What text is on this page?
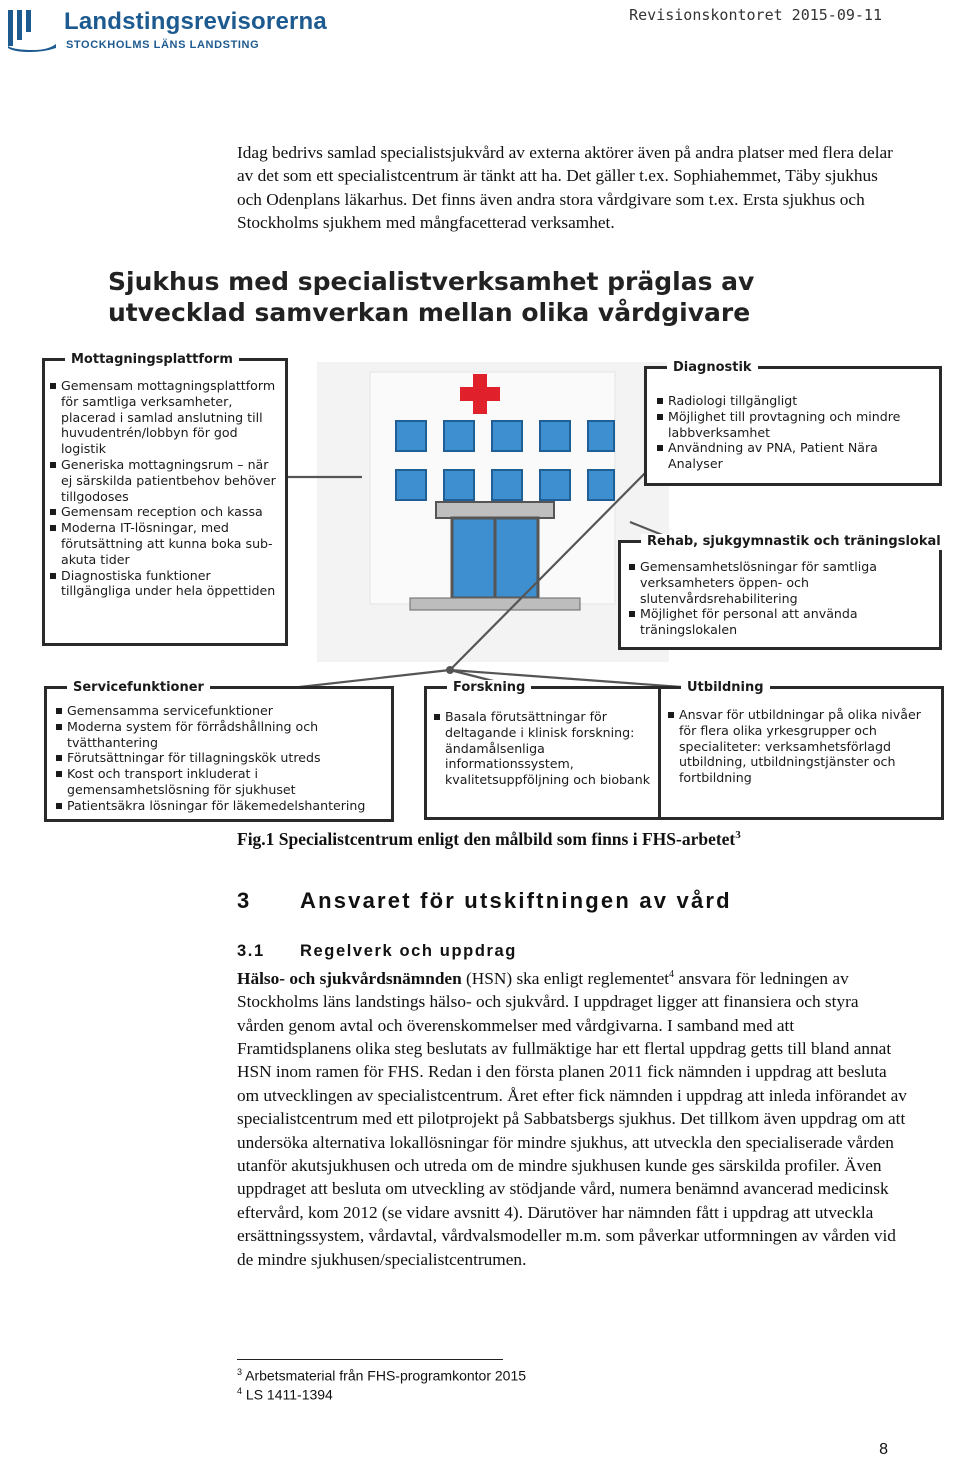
Landstingsrevisorerna
STOCKHOLMS LÄNS LANDSTING
Revisionskontoret 2015-09-11
Idag bedrivs samlad specialistsjukvård av externa aktörer även på andra platser med flera delar av det som ett specialistcentrum är tänkt att ha. Det gäller t.ex. Sophiahemmet, Täby sjukhus och Odenplans läkarhus. Det finns även andra stora vårdgivare som t.ex. Ersta sjukhus och Stockholms sjukhem med mångfacetterad verksamhet.
Sjukhus med specialistverksamhet präglas av utvecklad samverkan mellan olika vårdgivare
Mottagningsplattform
Gemensam mottagningsplattform för samtliga verksamheter, placerad i samlad anslutning till huvudentrén/lobbyn för god logistik
Generiska mottagningsrum – när ej särskilda patientbehov behöver tillgodoses
Gemensam reception och kassa
Moderna IT-lösningar, med förutsättning att kunna boka sub-akuta tider
Diagnostiska funktioner tillgängliga under hela öppettiden
Diagnostik
Radiologi tillgängligt
Möjlighet till provtagning och mindre labbverksamhet
Användning av PNA, Patient Nära Analyser
Rehab, sjukgymnastik och träningslokal
Gemensamhetslösningar för samtliga verksamheters öppen- och slutenvårdsrehabilitering
Möjlighet för personal att använda träningslokalen
Servicefunktioner
Gemensamma servicefunktioner
Moderna system för förrådshållning och tvätthantering
Förutsättningar för tillagningskök utreds
Kost och transport inkluderat i gemensamhetslösning för sjukhuset
Patientsäkra lösningar för läkemedelshantering
Forskning
Basala förutsättningar för deltagande i klinisk forskning: ändamålsenliga informationssystem, kvalitetsuppföljning och biobank
Utbildning
Ansvar för utbildningar på olika nivåer för flera olika yrkesgrupper och specialiteter: verksamhetsförlagd utbildning, utbildningstjänster och fortbildning
Fig.1 Specialistcentrum enligt den målbild som finns i FHS-arbetet$^3$
3 Ansvaret för utskiftningen av vård
3.1 Regelverk och uppdrag
Hälso- och sjukvårdsnämnden (HSN) ska enligt reglementet$^4$ ansvara för ledningen av Stockholms läns landstings hälso- och sjukvård. I uppdraget ligger att finansiera och styra vården genom avtal och överenskommelser med vårdgivarna. I samband med att Framtidsplanens olika steg beslutats av fullmäktige har ett flertal uppdrag getts till bland annat HSN inom ramen för FHS. Redan i den första planen 2011 fick nämnden i uppdrag att besluta om utvecklingen av specialistcentrum. Året efter fick nämnden i uppdrag att inleda införandet av specialistcentrum med ett pilotprojekt på Sabbatsbergs sjukhus. Det tillkom även uppdrag om att undersöka alternativa lokallösningar för mindre sjukhus, att utveckla den specialiserade vården utanför akutsjukhusen och utreda om de mindre sjukhusen kunde ges särskilda profiler. Även uppdraget att besluta om utveckling av stödjande vård, numera benämnd avancerad medicinsk eftervård, kom 2012 (se vidare avsnitt 4). Därutöver har nämnden fått i uppdrag att utveckla ersättningssystem, vårdavtal, vårdvalsmodeller m.m. som påverkar utformningen av vården vid de mindre sjukhusen/specialistcentrumen.
$^3$ Arbetsmaterial från FHS-programkontor 2015
$^4$ LS 1411-1394
8
